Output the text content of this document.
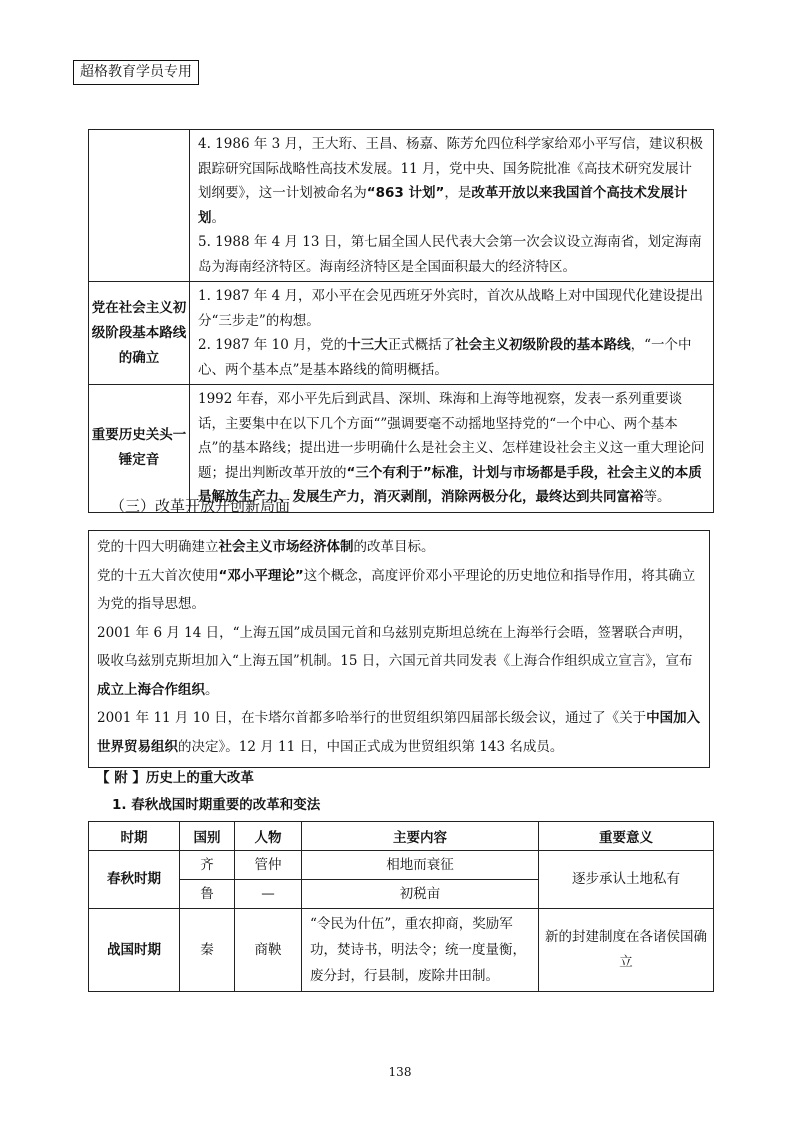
超格教育学员专用

	4. 1986 年 3 月，王大珩、王昌、杨嘉、陈芳允四位科学家给邓小平写信，建议积极跟踪研究国际战略性高技术发展。11 月，党中央、国务院批准《高技术研究发展计划纲要》，这一计划被命名为“863 计划”，是改革开放以来我国首个高技术发展计划。

5. 1988 年 4 月 13 日，第七届全国人民代表大会第一次会议设立海南省，划定海南岛为海南经济特区。海南经济特区是全国面积最大的经济特区。

党在社会主义初级阶段基本路线的确立	1. 1987 年 4 月，邓小平在会见西班牙外宾时，首次从战略上对中国现代化建设提出分“三步走”的构想。

2. 1987 年 10 月，党的十三大正式概括了社会主义初级阶段的基本路线，“一个中心、两个基本点”是基本路线的简明概括。

重要历史关头一锤定音	1992 年春，邓小平先后到武昌、深圳、珠海和上海等地视察，发表一系列重要谈话，主要集中在以下几个方面“”强调要毫不动摇地坚持党的“一个中心、两个基本点”的基本路线；提出进一步明确什么是社会主义、怎样建设社会主义这一重大理论问题；提出判断改革开放的“三个有利于”标准，计划与市场都是手段，社会主义的本质是解放生产力、发展生产力，消灭剥削，消除两极分化，最终达到共同富裕等。

（三）改革开放开创新局面

党的十四大明确建立社会主义市场经济体制的改革目标。

党的十五大首次使用“邓小平理论”这个概念，高度评价邓小平理论的历史地位和指导作用，将其确立为党的指导思想。

2001 年 6 月 14 日，“上海五国”成员国元首和乌兹别克斯坦总统在上海举行会晤，签署联合声明，吸收乌兹别克斯坦加入“上海五国”机制。15 日，六国元首共同发表《上海合作组织成立宣言》，宣布成立上海合作组织。

2001 年 11 月 10 日，在卡塔尔首都多哈举行的世贸组织第四届部长级会议，通过了《关于中国加入世界贸易组织的决定》。12 月 11 日，中国正式成为世贸组织第 143 名成员。

【 附 】历史上的重大改革
1. 春秋战国时期重要的改革和变法
时期	国别	人物	主要内容	重要意义
春秋时期	齐	管仲	相地而衰征	逐步承认土地私有
	鲁	—	初税亩	
战国时期	秦	商鞅	“令民为什伍”，重农抑商，奖励军功，焚诗书，明法令；统一度量衡，废分封，行县制，废除井田制。	新的封建制度在各诸侯国确立
138
